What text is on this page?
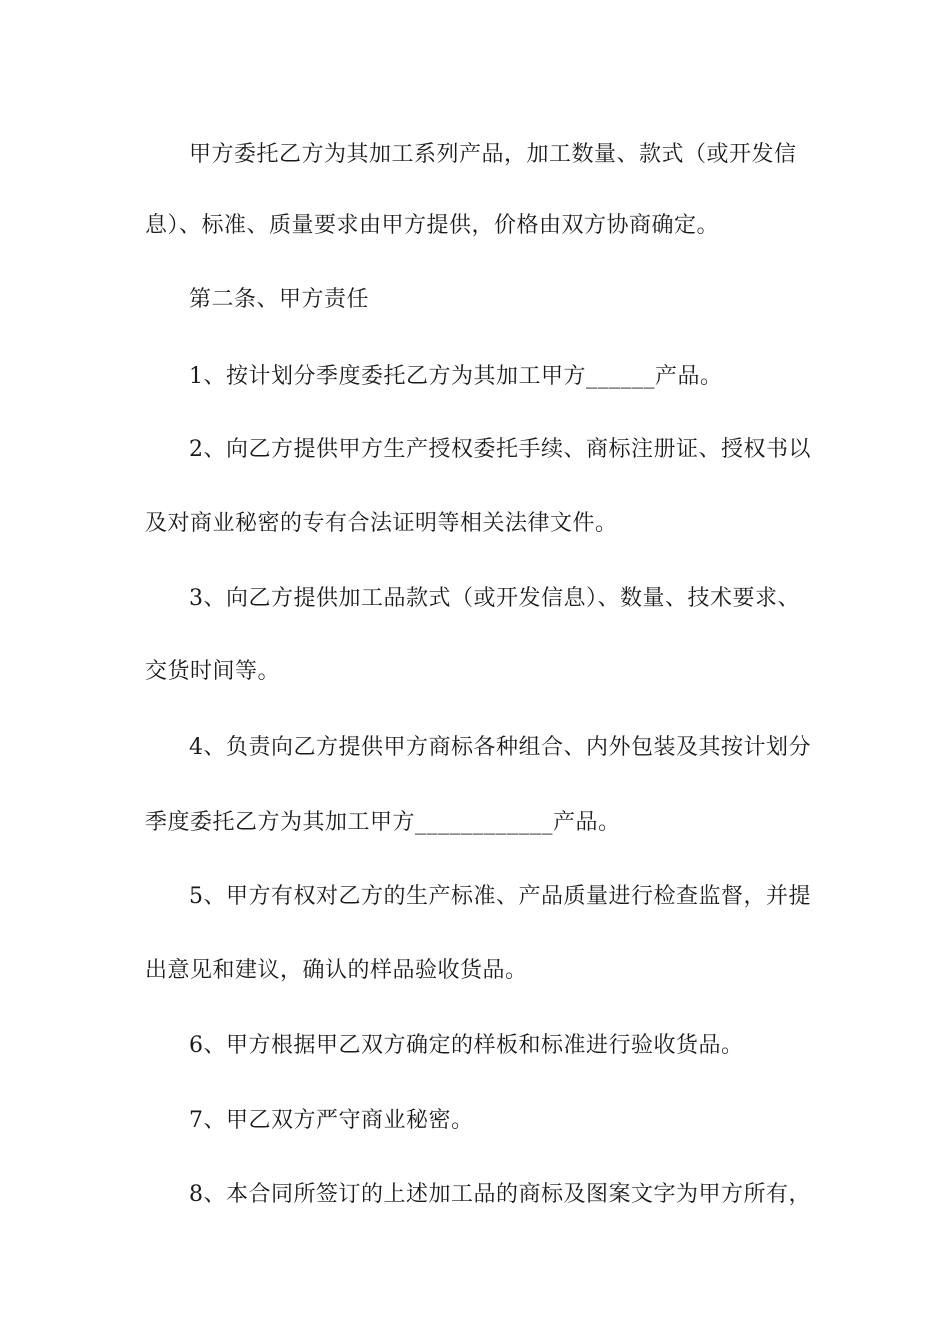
甲方委托乙方为其加工系列产品，加工数量、款式（或开发信
息）、标准、质量要求由甲方提供，价格由双方协商确定。
第二条、甲方责任
1、按计划分季度委托乙方为其加工甲方______产品。
2、向乙方提供甲方生产授权委托手续、商标注册证、授权书以
及对商业秘密的专有合法证明等相关法律文件。
3、向乙方提供加工品款式（或开发信息）、数量、技术要求、
交货时间等。
4、负责向乙方提供甲方商标各种组合、内外包装及其按计划分
季度委托乙方为其加工甲方____________产品。
5、甲方有权对乙方的生产标准、产品质量进行检查监督，并提
出意见和建议，确认的样品验收货品。
6、甲方根据甲乙双方确定的样板和标准进行验收货品。
7、甲乙双方严守商业秘密。
8、本合同所签订的上述加工品的商标及图案文字为甲方所有，
